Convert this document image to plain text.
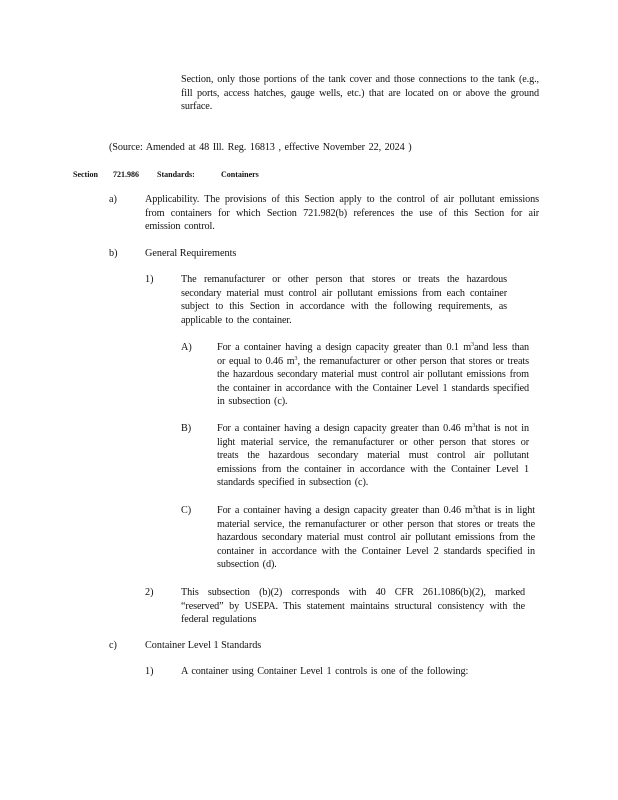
Section, only those portions of the tank cover and those connections to the tank (e.g., fill ports, access hatches, gauge wells, etc.) that are located on or above the ground surface.

(Source: Amended at 48 Ill. Reg. 16813 , effective November 22, 2024 )

Section 721.986 Standards:	Containers
a)	Applicability. The provisions of this Section apply to the control of air pollutant emissions from containers for which Section 721.982(b) references the use of this Section for air emission control.

b)	General Requirements
1)	The remanufacturer or other person that stores or treats the hazardous secondary material must control air pollutant emissions from each container subject to this Section in accordance with the following requirements, as applicable to the container.

A) For a container having a design capacity greater than 0.1 $m^3and$ less than or equal to 0.46 $m^3$, the remanufacturer or other person that stores or treats the hazardous secondary material must control air pollutant emissions from the container in accordance with the Container Level 1 standards specified in subsection (c).

B)	For a container having a design capacity greater than 0.46 $m^3that$ is not in light material service, the remanufacturer or other person that stores or treats the hazardous secondary material must control air pollutant emissions from the container in accordance with the Container Level 1 standards specified in subsection (c).

C)	For a container having a design capacity greater than 0.46 $m^3that$ is in light material service, the remanufacturer or other person that stores or treats the hazardous secondary material must control air pollutant emissions from the container in accordance with the Container Level 2 standards specified in subsection (d).

2)	This subsection (b)(2) corresponds with 40 CFR 261.1086(b)(2), marked “reserved” by USEPA. This statement maintains structural consistency with the federal regulations

c)	Container Level 1 Standards
1)	A container using Container Level 1 controls is one of the following:
